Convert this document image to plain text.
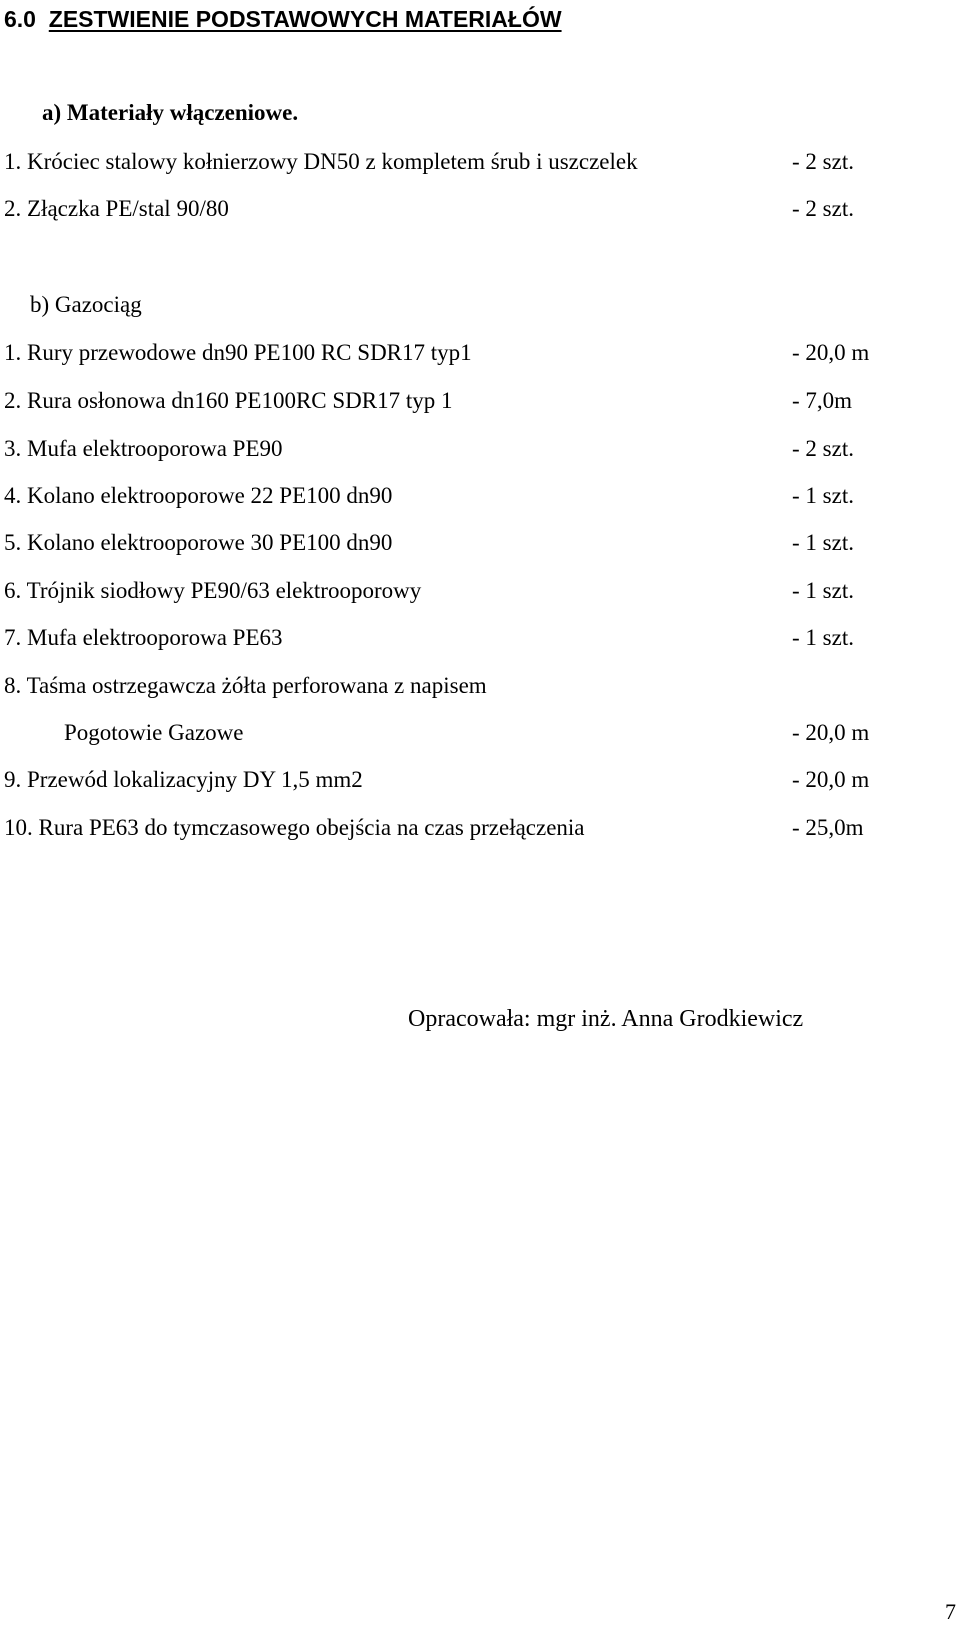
6.0 ZESTWIENIE PODSTAWOWYCH MATERIAŁÓW
a) Materiały włączeniowe.
1. Króciec stalowy kołnierzowy DN50 z kompletem śrub i uszczelek	- 2 szt.
2. Złączka PE/stal 90/80	- 2 szt.
b) Gazociąg
1. Rury przewodowe dn90 PE100 RC SDR17 typ1	- 20,0 m
2. Rura osłonowa dn160 PE100RC SDR17 typ 1	- 7,0m
3. Mufa elektrooporowa PE90	- 2 szt.
4. Kolano elektrooporowe 22 PE100 dn90	- 1 szt.
5. Kolano elektrooporowe 30 PE100 dn90	- 1 szt.
6. Trójnik siodłowy PE90/63 elektrooporowy	- 1 szt.
7. Mufa elektrooporowa PE63	- 1 szt.
8. Taśma ostrzegawcza żółta perforowana z napisem
Pogotowie Gazowe	- 20,0 m
9. Przewód lokalizacyjny DY 1,5 mm2	- 20,0 m
10. Rura PE63 do tymczasowego obejścia na czas przełączenia	- 25,0m
Opracowała: mgr inż. Anna Grodkiewicz
7
